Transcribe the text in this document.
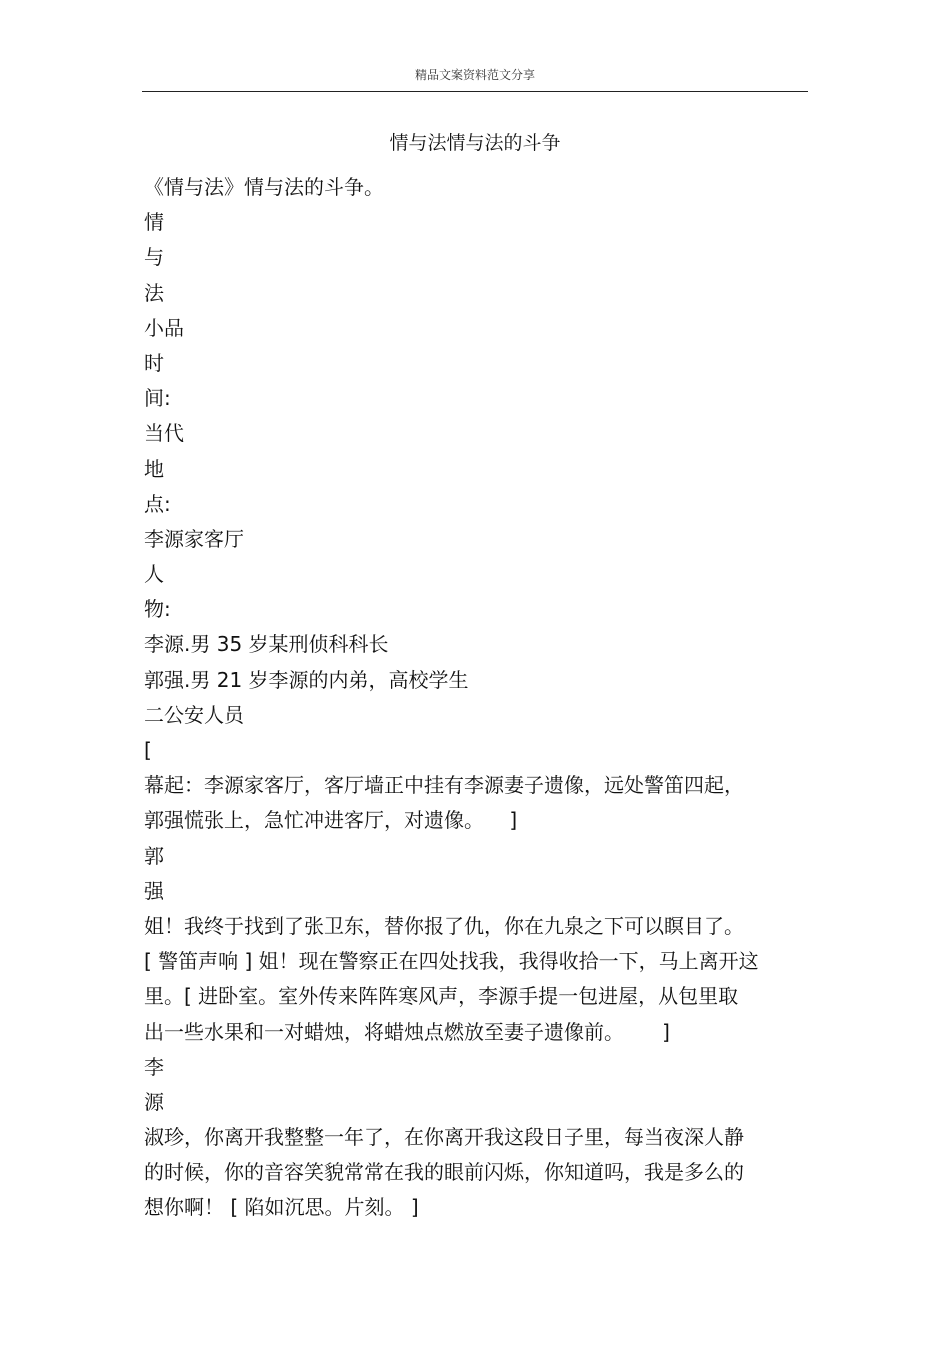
精品文案资料范文分享
情与法情与法的斗争
《情与法》情与法的斗争。
情
与
法
小品
时
间:
当代
地
点:
李源家客厅
人
物:
李源.男 35 岁某刑侦科科长
郭强.男 21 岁李源的内弟，高校学生
二公安人员
[
幕起：李源家客厅，客厅墙正中挂有李源妻子遗像，远处警笛四起，
郭强慌张上，急忙冲进客厅，对遗像。    ]
郭
强
姐！我终于找到了张卫东，替你报了仇，你在九泉之下可以瞑目了。
[ 警笛声响 ] 姐！现在警察正在四处找我，我得收拾一下，马上离开这
里。[ 进卧室。室外传来阵阵寒风声，李源手提一包进屋，从包里取
出一些水果和一对蜡烛，将蜡烛点燃放至妻子遗像前。      ]
李
源
淑珍，你离开我整整一年了，在你离开我这段日子里，每当夜深人静
的时候，你的音容笑貌常常在我的眼前闪烁，你知道吗，我是多么的
想你啊！ [ 陷如沉思。片刻。 ]
